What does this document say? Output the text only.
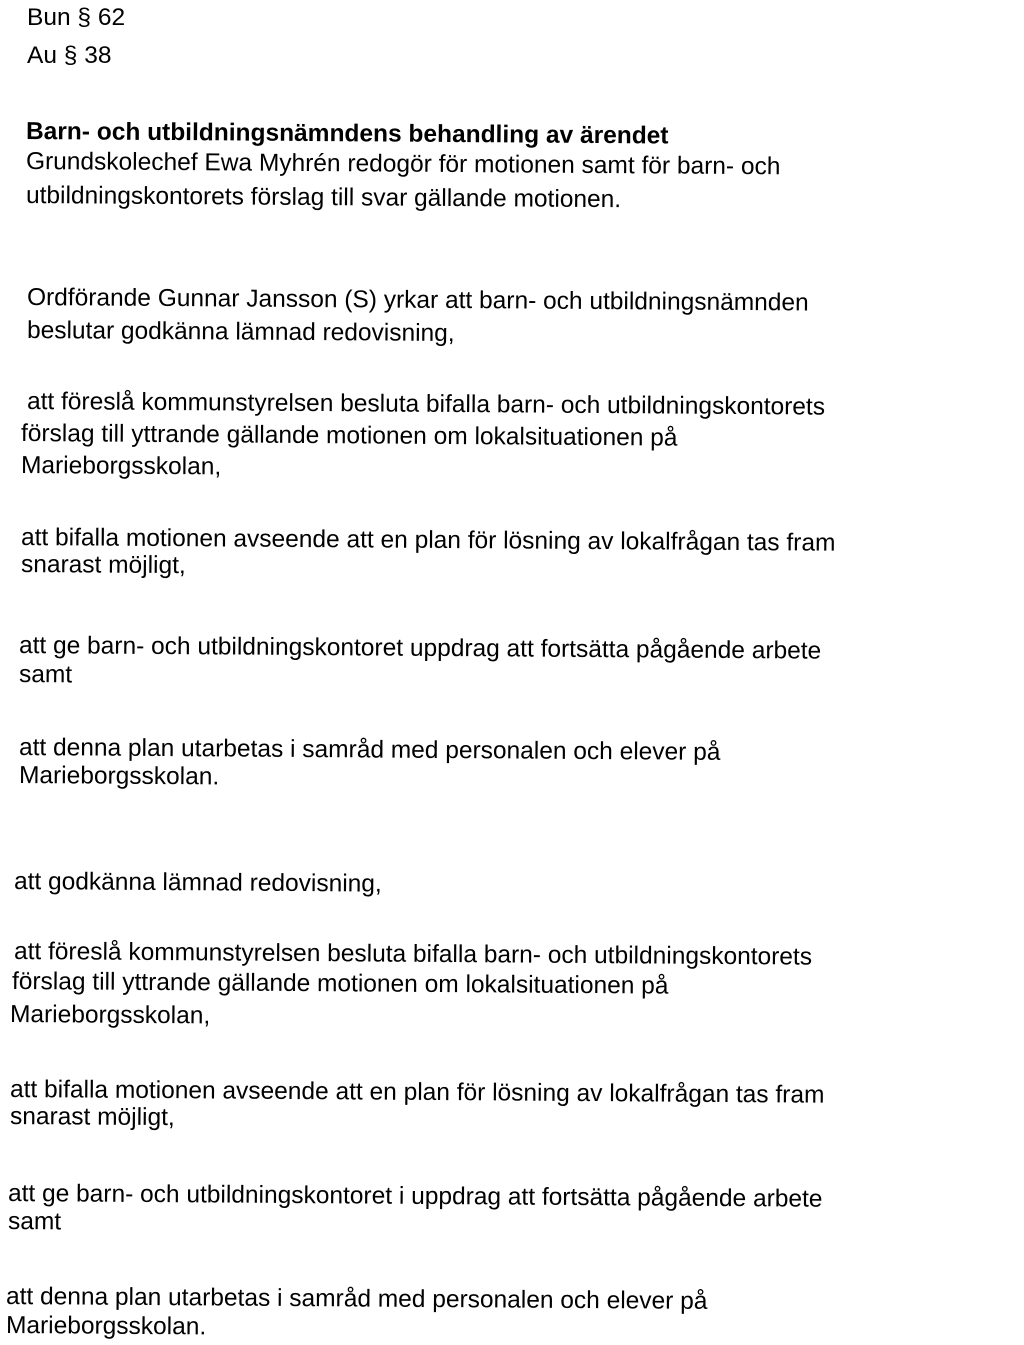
Bun § 62
Au § 38
Barn- och utbildningsnämndens behandling av ärendet
Grundskolechef Ewa Myhrén redogör för motionen samt för barn- och
utbildningskontorets förslag till svar gällande motionen.
Ordförande Gunnar Jansson (S) yrkar att barn- och utbildningsnämnden
beslutar godkänna lämnad redovisning,
att föreslå kommunstyrelsen besluta bifalla barn- och utbildningskontorets
förslag till yttrande gällande motionen om lokalsituationen på
Marieborgsskolan,
att bifalla motionen avseende att en plan för lösning av lokalfrågan tas fram
snarast möjligt,
att ge barn- och utbildningskontoret uppdrag att fortsätta pågående arbete
samt
att denna plan utarbetas i samråd med personalen och elever på
Marieborgsskolan.
att godkänna lämnad redovisning,
att föreslå kommunstyrelsen besluta bifalla barn- och utbildningskontorets
förslag till yttrande gällande motionen om lokalsituationen på
Marieborgsskolan,
att bifalla motionen avseende att en plan för lösning av lokalfrågan tas fram
snarast möjligt,
att ge barn- och utbildningskontoret i uppdrag att fortsätta pågående arbete
samt
att denna plan utarbetas i samråd med personalen och elever på
Marieborgsskolan.
